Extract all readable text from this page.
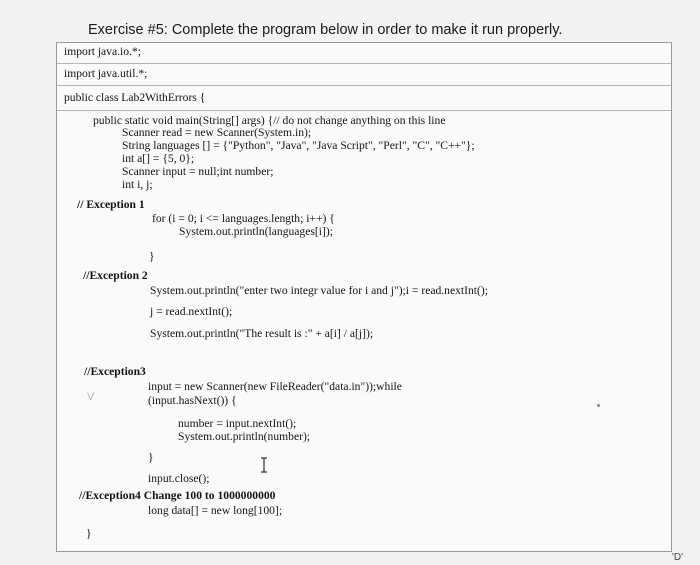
Exercise #5: Complete the program below in order to make it run properly.
import java.io.*;
import java.util.*;
public class Lab2WithErrors {
public static void main(String[] args) {// do not change anything on this line
Scanner read = new Scanner(System.in);
String languages [] = {"Python", "Java", "Java Script", "Perl", "C", "C++"};
int a[] = {5, 0};
Scanner input = null;int number;
int i, j;
// Exception 1
for (i = 0; i <= languages.length; i++) {
System.out.println(languages[i]);
}
//Exception 2
System.out.println("enter two integr value for i and j");i = read.nextInt();
j = read.nextInt();
System.out.println("The result is :" + a[i] / a[j]);
//Exception3
input = new Scanner(new FileReader("data.in"));while
(input.hasNext()) {
number = input.nextInt();
System.out.println(number);
}
input.close();
//Exception4 Change 100 to 1000000000
long data[] = new long[100];
}
V
'D'
